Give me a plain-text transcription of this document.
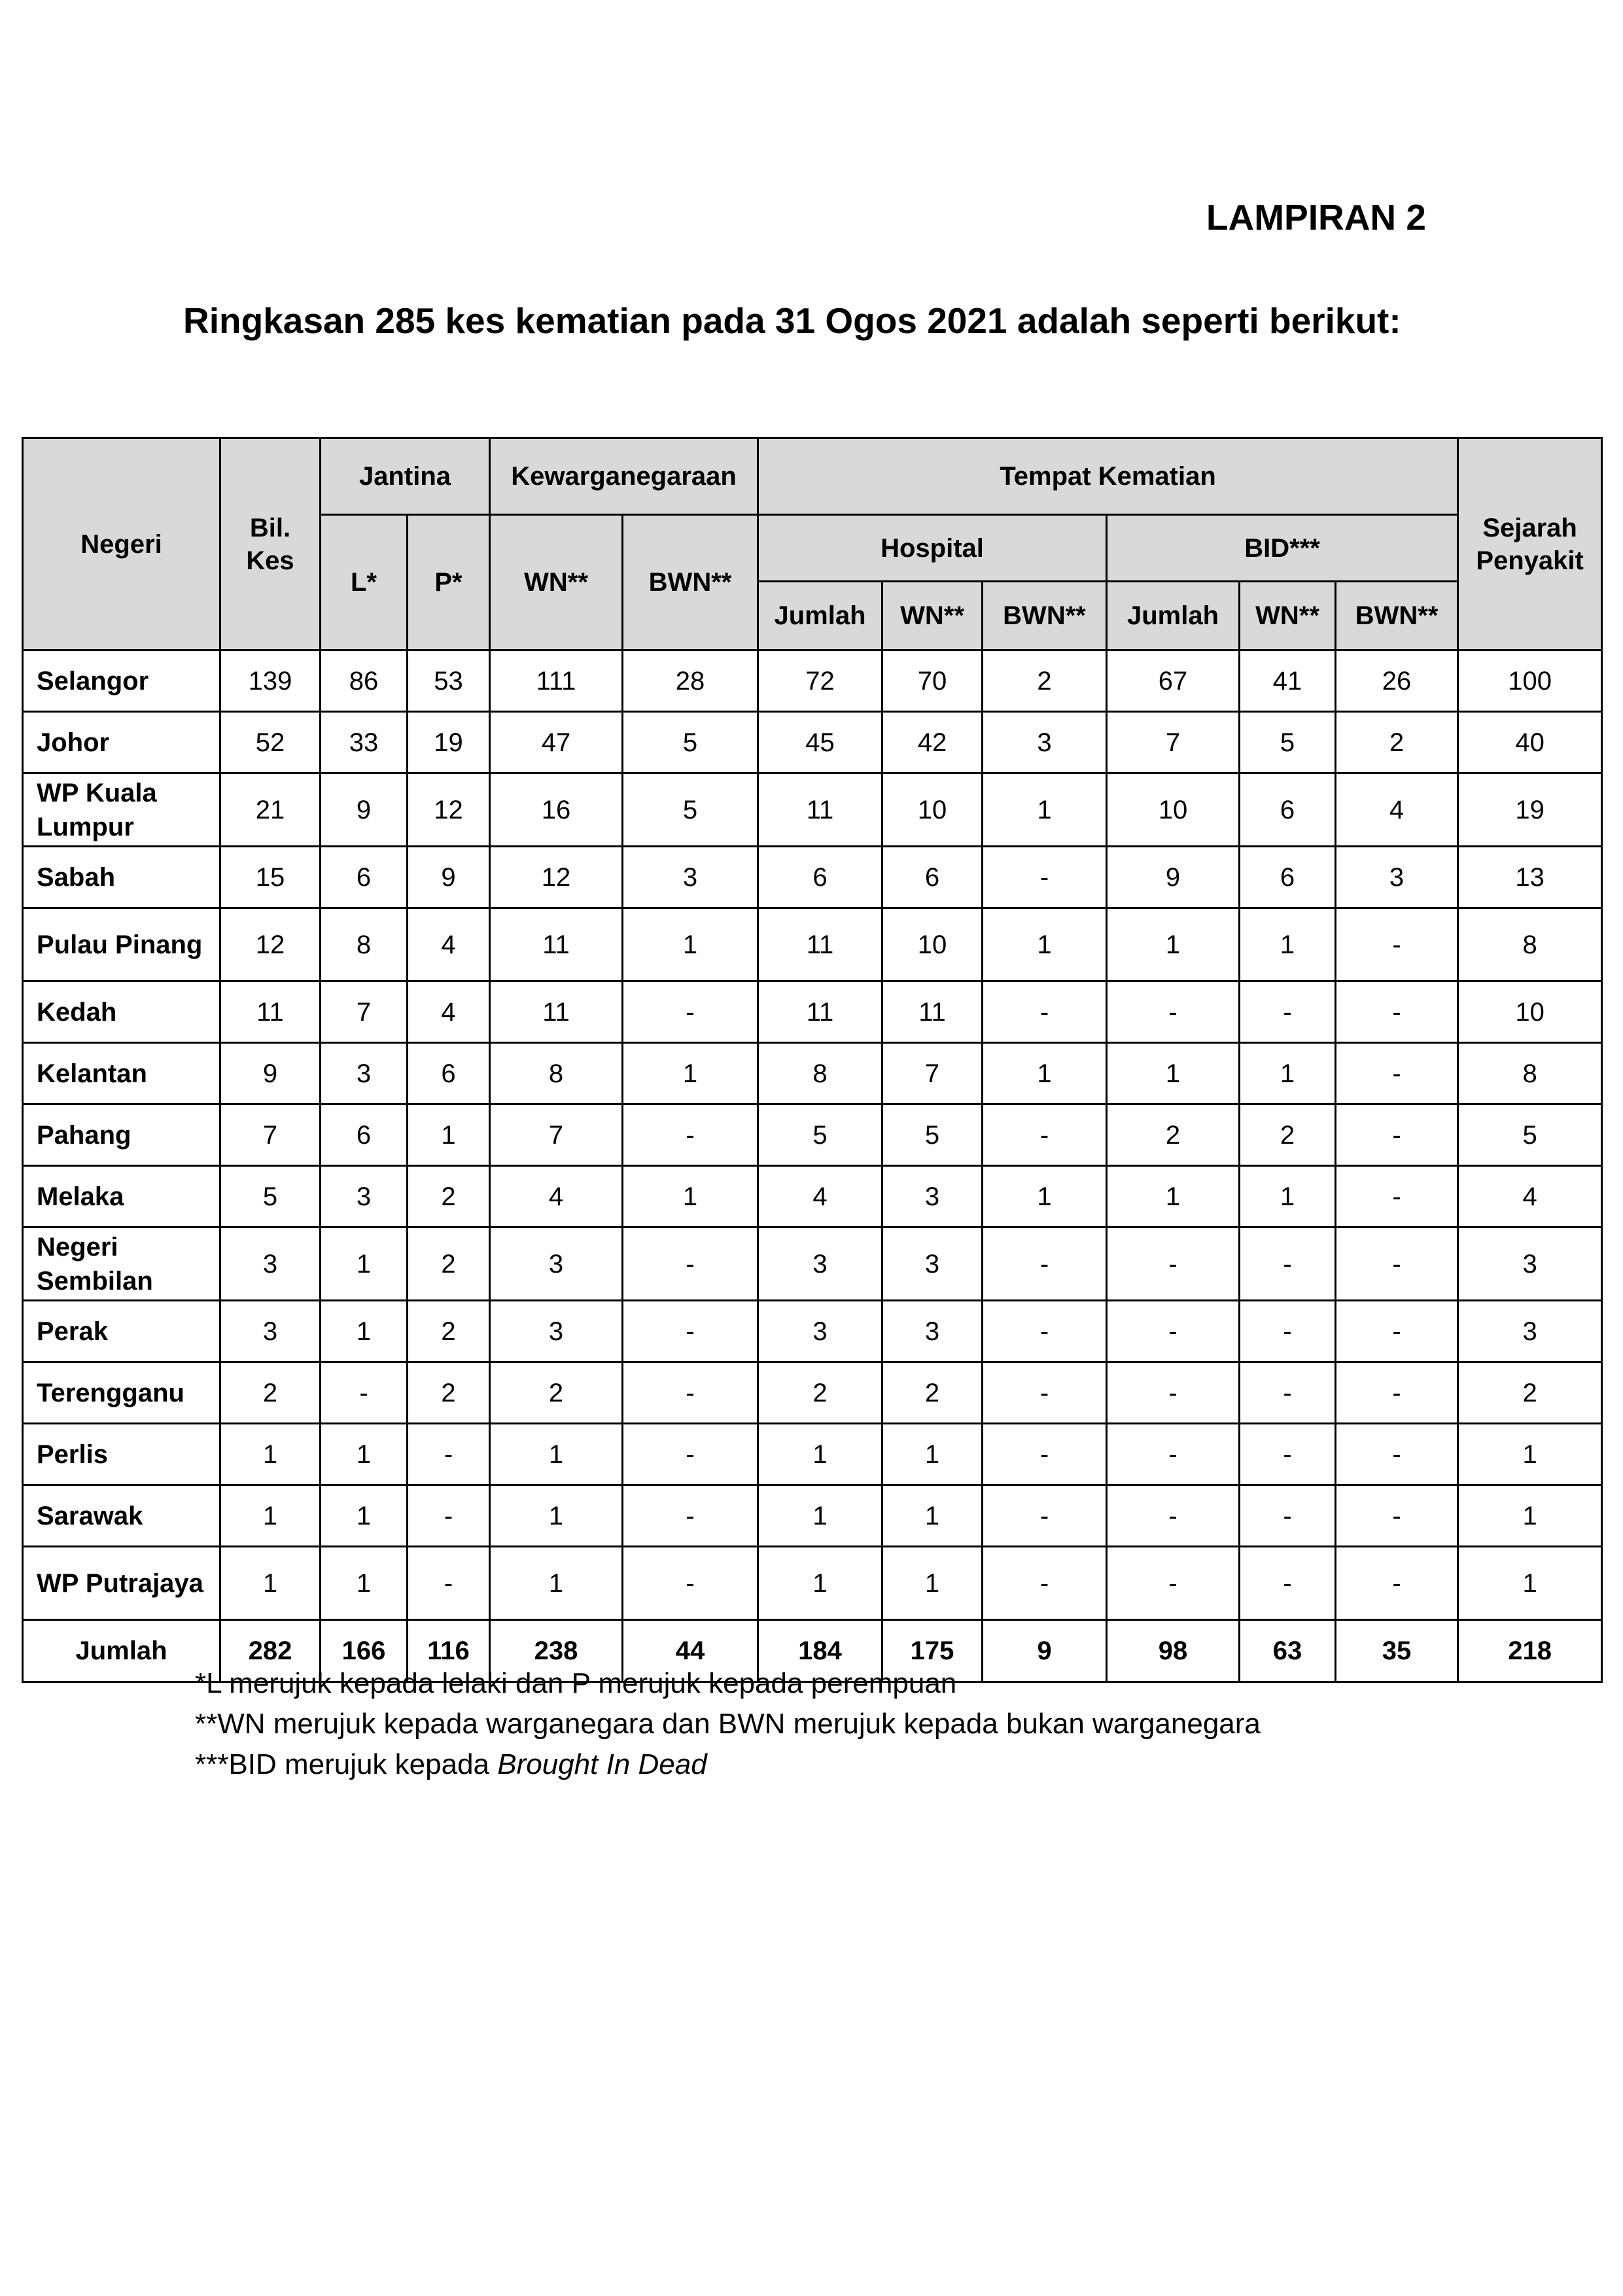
LAMPIRAN 2
Ringkasan 285 kes kematian pada 31 Ogos 2021 adalah seperti berikut:
Negeri	Bil. Kes	Jantina		Kewarganegaraan		Tempat Kematian						Sejarah Penyakit
		L*	P*	WN**	BWN**	Hospital			BID***			
						Jumlah	WN**	BWN**	Jumlah	WN**	BWN**	
Selangor	139	86	53	111	28	72	70	2	67	41	26	100
Johor	52	33	19	47	5	45	42	3	7	5	2	40
WP Kuala Lumpur	21	9	12	16	5	11	10	1	10	6	4	19
Sabah	15	6	9	12	3	6	6	-	9	6	3	13
Pulau Pinang	12	8	4	11	1	11	10	1	1	1	-	8
Kedah	11	7	4	11	-	11	11	-	-	-	-	10
Kelantan	9	3	6	8	1	8	7	1	1	1	-	8
Pahang	7	6	1	7	-	5	5	-	2	2	-	5
Melaka	5	3	2	4	1	4	3	1	1	1	-	4
Negeri Sembilan	3	1	2	3	-	3	3	-	-	-	-	3
Perak	3	1	2	3	-	3	3	-	-	-	-	3
Terengganu	2	-	2	2	-	2	2	-	-	-	-	2
Perlis	1	1	-	1	-	1	1	-	-	-	-	1
Sarawak	1	1	-	1	-	1	1	-	-	-	-	1
WP Putrajaya	1	1	-	1	-	1	1	-	-	-	-	1
Jumlah	282	166	116	238	44	184	175	9	98	63	35	218
*L merujuk kepada lelaki dan P merujuk kepada perempuan
**WN merujuk kepada warganegara dan BWN merujuk kepada bukan warganegara
***BID merujuk kepada Brought In Dead
